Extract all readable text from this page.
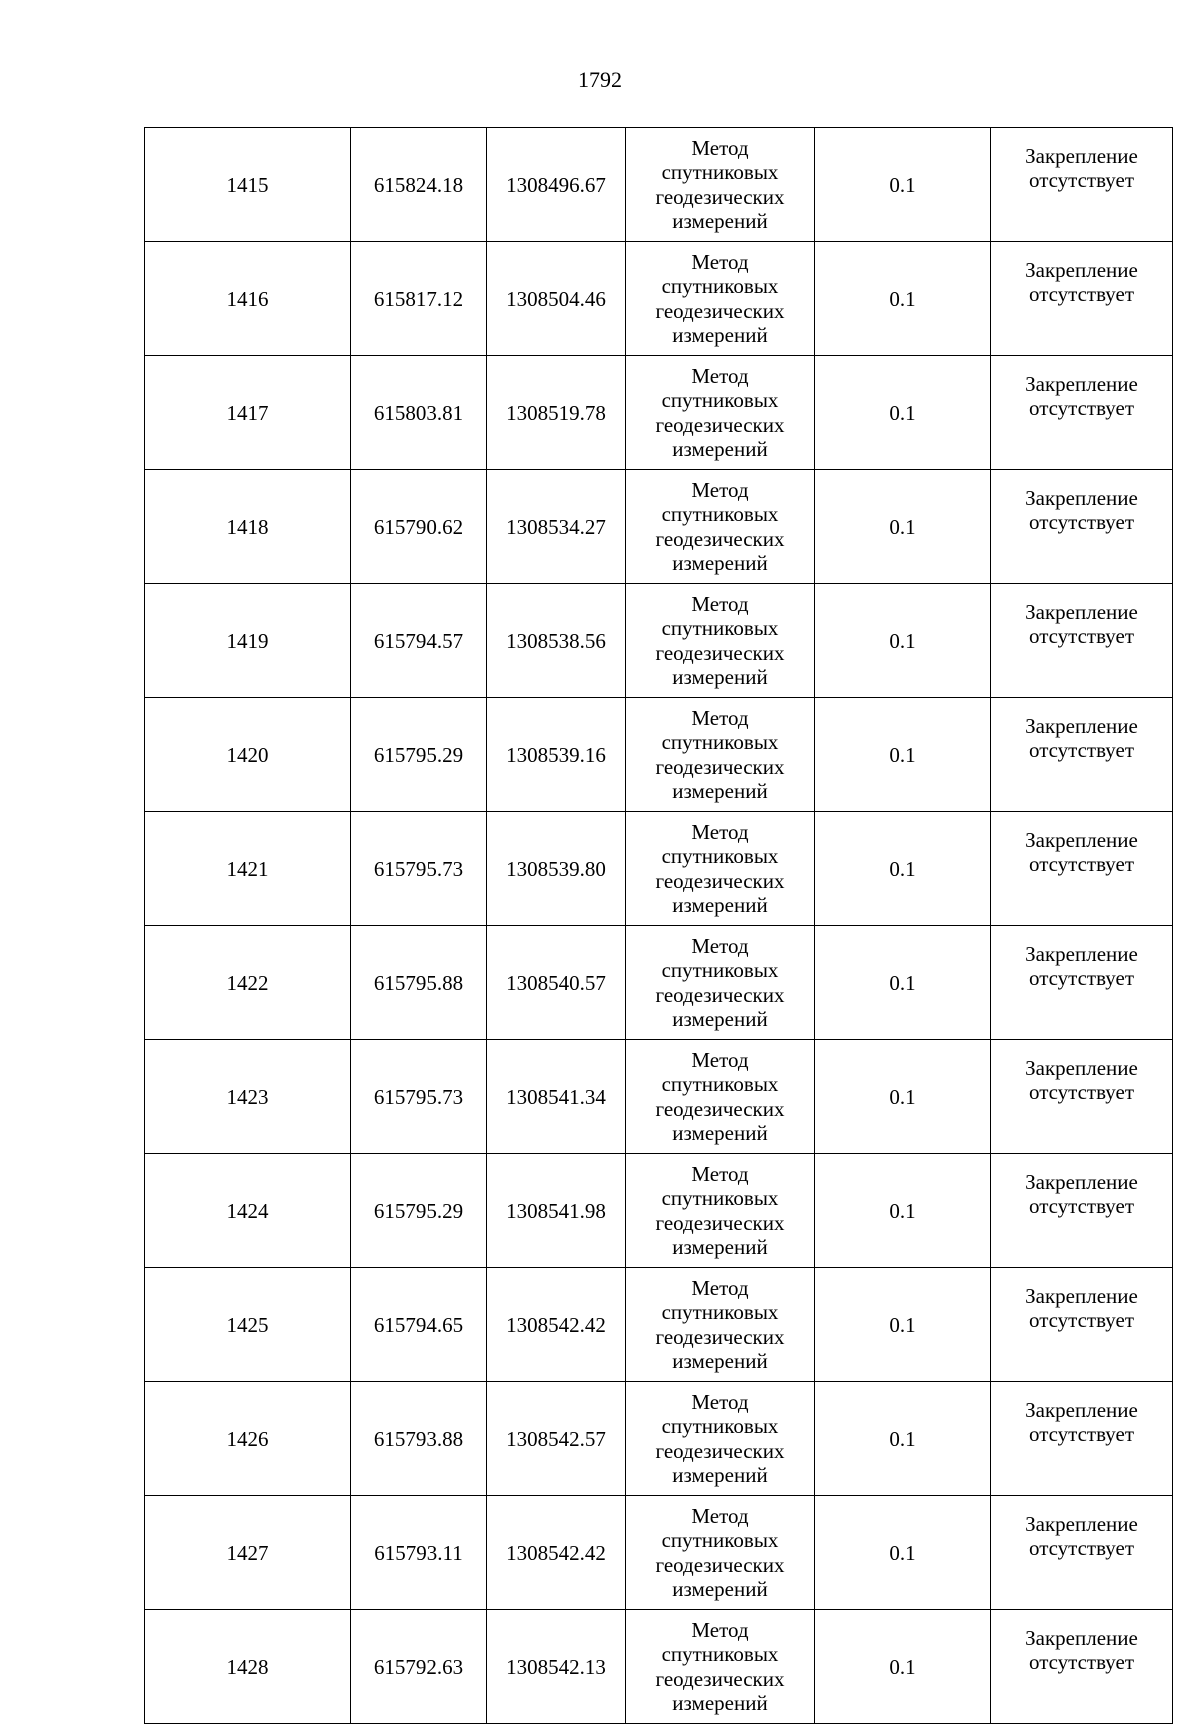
1792
1415	615824.18	1308496.67	Метод
спутниковых
геодезических
измерений	0.1	Закрепление
отсутствует

1416	615817.12	1308504.46	Метод
спутниковых
геодезических
измерений	0.1	Закрепление
отсутствует

1417	615803.81	1308519.78	Метод
спутниковых
геодезических
измерений	0.1	Закрепление
отсутствует

1418	615790.62	1308534.27	Метод
спутниковых
геодезических
измерений	0.1	Закрепление
отсутствует

1419	615794.57	1308538.56	Метод
спутниковых
геодезических
измерений	0.1	Закрепление
отсутствует

1420	615795.29	1308539.16	Метод
спутниковых
геодезических
измерений	0.1	Закрепление
отсутствует

1421	615795.73	1308539.80	Метод
спутниковых
геодезических
измерений	0.1	Закрепление
отсутствует

1422	615795.88	1308540.57	Метод
спутниковых
геодезических
измерений	0.1	Закрепление
отсутствует

1423	615795.73	1308541.34	Метод
спутниковых
геодезических
измерений	0.1	Закрепление
отсутствует

1424	615795.29	1308541.98	Метод
спутниковых
геодезических
измерений	0.1	Закрепление
отсутствует

1425	615794.65	1308542.42	Метод
спутниковых
геодезических
измерений	0.1	Закрепление
отсутствует

1426	615793.88	1308542.57	Метод
спутниковых
геодезических
измерений	0.1	Закрепление
отсутствует

1427	615793.11	1308542.42	Метод
спутниковых
геодезических
измерений	0.1	Закрепление
отсутствует

1428	615792.63	1308542.13	Метод
спутниковых
геодезических
измерений	0.1	Закрепление
отсутствует
